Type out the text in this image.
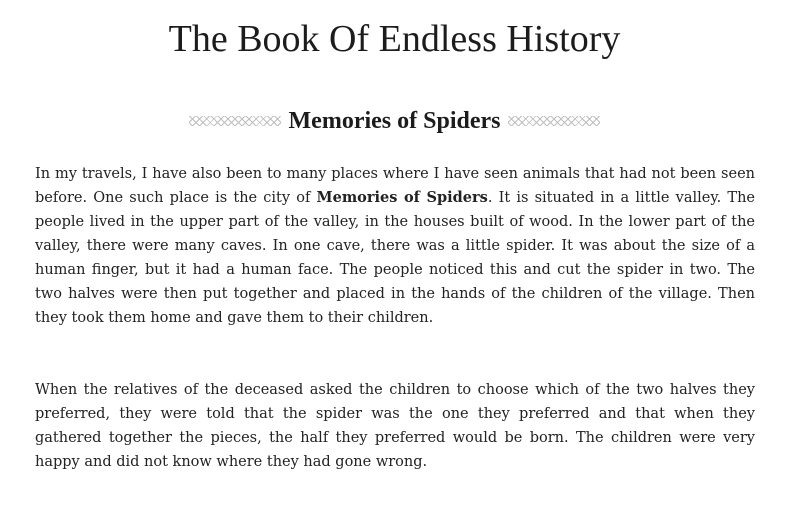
The Book Of Endless History
Memories of Spiders

In my travels, I have also been to many places where I have seen animals that had not been seen before. One such place is the city of Memories of Spiders. It is situated in a little valley. The people lived in the upper part of the valley, in the houses built of wood. In the lower part of the valley, there were many caves. In one cave, there was a little spider. It was about the size of a human finger, but it had a human face. The people noticed this and cut the spider in two. The two halves were then put together and placed in the hands of the children of the village. Then they took them home and gave them to their children.

When the relatives of the deceased asked the children to choose which of the two halves they preferred, they were told that the spider was the one they preferred and that when they gathered together the pieces, the half they preferred would be born. The children were very happy and did not know where they had gone wrong.
